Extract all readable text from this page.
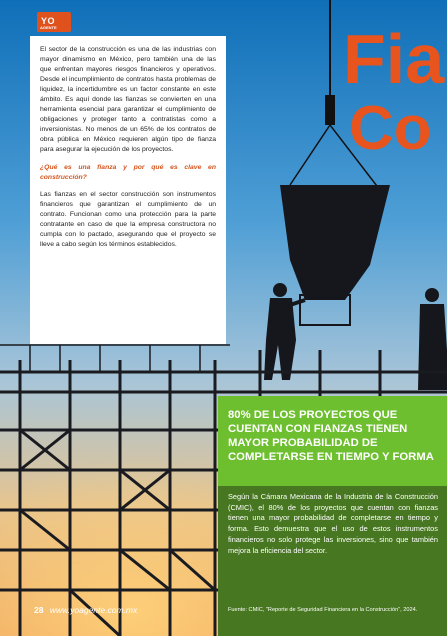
YO
AGENTE	Fia
Co

El sector de la construcción es una de las industrias con mayor dinamismo en México, pero también una de las que enfrentan mayores riesgos financieros y operativos. Desde el incumplimiento de contratos hasta problemas de liquidez, la incertidumbre es un factor constante en este ámbito. Es aquí donde las fianzas se convierten en una herramienta esencial para garantizar el cumplimiento de obligaciones y proteger tanto a contratistas como a inversionistas. No menos de un 65% de los contratos de obra pública en México requieren algún tipo de fianza para asegurar la ejecución de los proyectos.

¿Qué es una fianza y por qué es clave en construcción?

Las fianzas en el sector construcción son instrumentos financieros que garantizan el cumplimiento de un contrato. Funcionan como una protección para la parte contratante en caso de que la empresa constructora no cumpla con lo pactado, asegurando que el proyecto se lleve a cabo según los términos establecidos.

80% DE LOS PROYECTOS QUE CUENTAN CON FIANZAS TIENEN MAYOR PROBABILIDAD DE COMPLETARSE EN TIEMPO Y FORMA
Según la Cámara Mexicana de la Industria de la Construcción (CMIC), el 80% de los proyectos que cuentan con fianzas tienen una mayor probabilidad de completarse en tiempo y forma. Esto demuestra que el uso de estos instrumentos financieros no solo protege las inversiones, sino que también mejora la eficiencia del sector.
Fuente: CMIC, "Reporte de Seguridad Financiera en la Construcción", 2024.
28 www.yoagente.com.mx
